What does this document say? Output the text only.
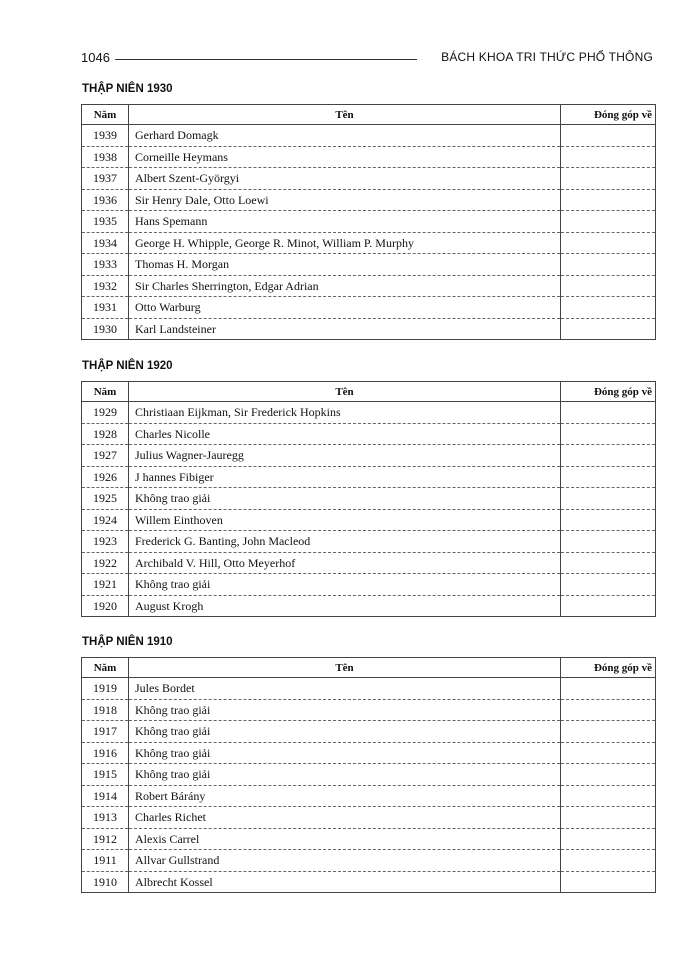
1046	BÁCH KHOA TRI THỨC PHỔ THÔNG
THẬP NIÊN 1930
Năm	Tên	Đóng góp về
1939	Gerhard Domagk	
1938	Corneille Heymans	
1937	Albert Szent-Györgyi	
1936	Sir Henry Dale, Otto Loewi	
1935	Hans Spemann	
1934	George H. Whipple, George R. Minot, William P. Murphy	
1933	Thomas H. Morgan	
1932	Sir Charles Sherrington, Edgar Adrian	
1931	Otto Warburg	
1930	Karl Landsteiner	
THẬP NIÊN 1920
Năm	Tên	Đóng góp về
1929	Christiaan Eijkman, Sir Frederick Hopkins	
1928	Charles Nicolle	
1927	Julius Wagner-Jauregg	
1926	J hannes Fibiger	
1925	Không trao giải	
1924	Willem Einthoven	
1923	Frederick G. Banting, John Macleod	
1922	Archibald V. Hill, Otto Meyerhof	
1921	Không trao giải	
1920	August Krogh	
THẬP NIÊN 1910
Năm	Tên	Đóng góp về
1919	Jules Bordet	
1918	Không trao giải	
1917	Không trao giải	
1916	Không trao giải	
1915	Không trao giải	
1914	Robert Bárány	
1913	Charles Richet	
1912	Alexis Carrel	
1911	Allvar Gullstrand	
1910	Albrecht Kossel	
